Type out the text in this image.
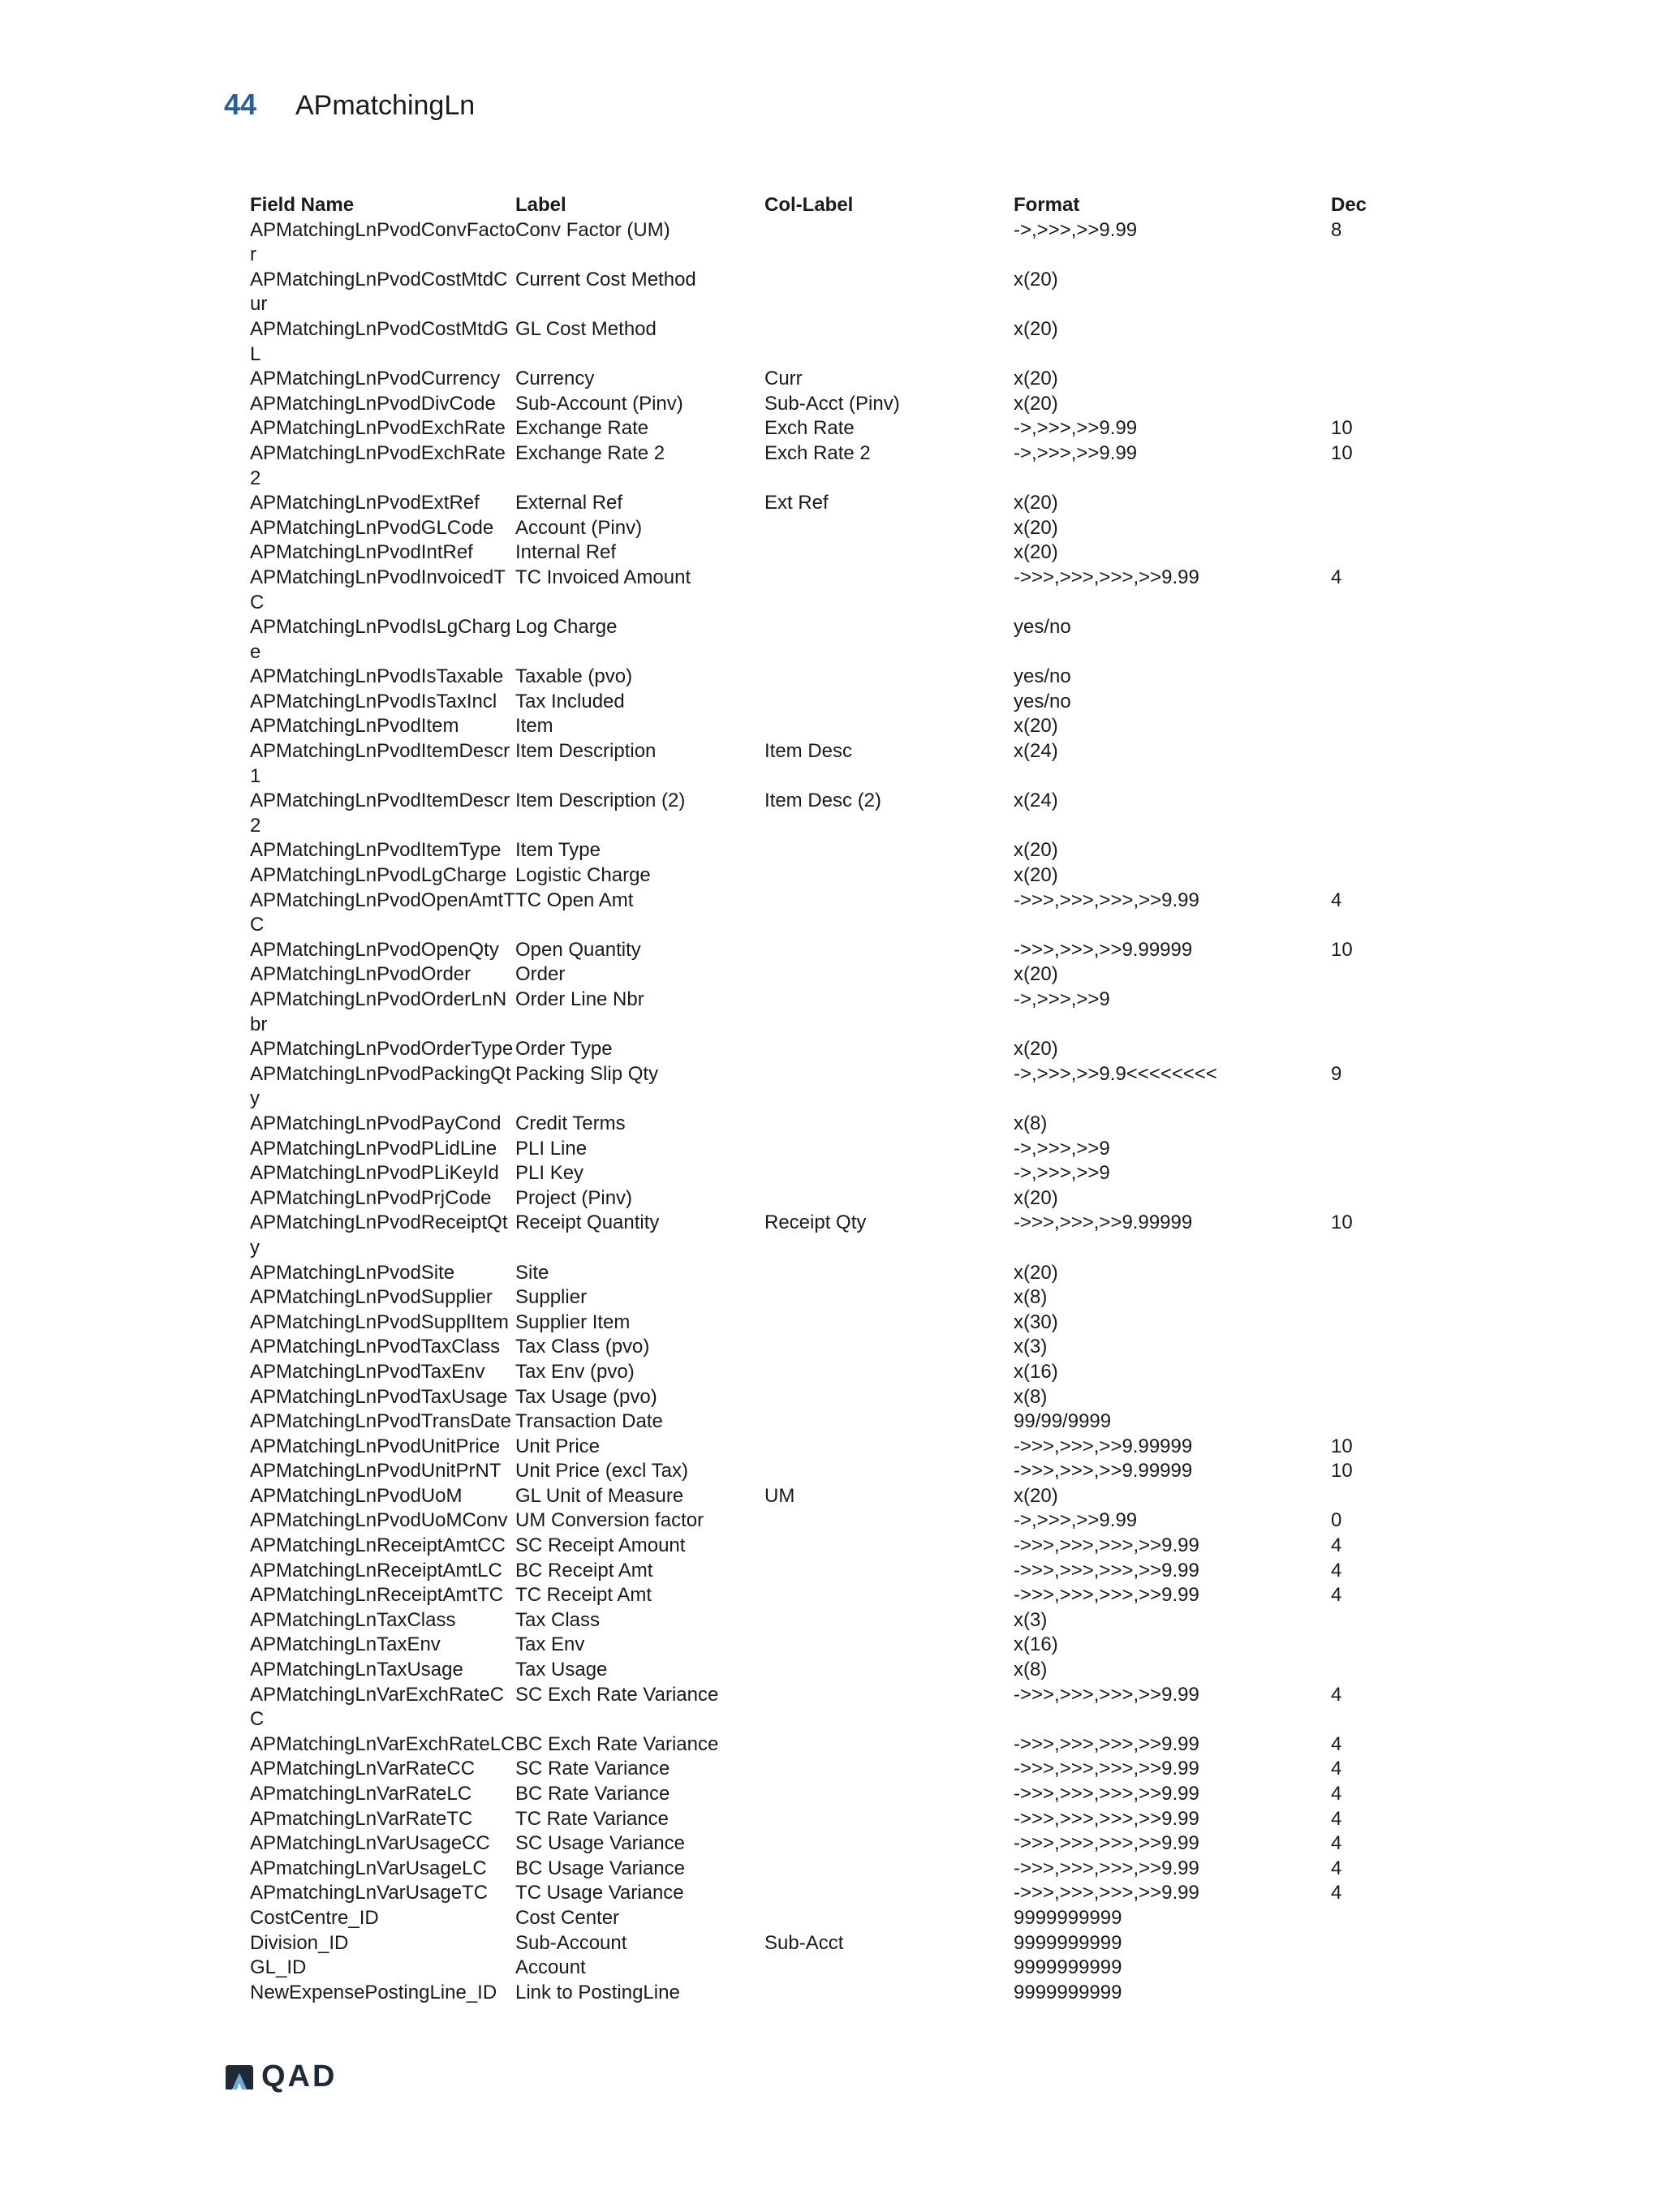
44	APmatchingLn
Field Name	Label	Col-Label	Format	Dec
APMatchingLnPvodConvFactor	Conv Factor (UM)		->,>>>,>>9.99	8
APMatchingLnPvodCostMtdCur	Current Cost Method		x(20)	
APMatchingLnPvodCostMtdGL	GL Cost Method		x(20)	
APMatchingLnPvodCurrency	Currency	Curr	x(20)	
APMatchingLnPvodDivCode	Sub-Account (Pinv)	Sub-Acct (Pinv)	x(20)	
APMatchingLnPvodExchRate	Exchange Rate	Exch Rate	->,>>>,>>9.99	10
APMatchingLnPvodExchRate2	Exchange Rate 2	Exch Rate 2	->,>>>,>>9.99	10
APMatchingLnPvodExtRef	External Ref	Ext Ref	x(20)	
APMatchingLnPvodGLCode	Account (Pinv)		x(20)	
APMatchingLnPvodIntRef	Internal Ref		x(20)	
APMatchingLnPvodInvoicedTC	TC Invoiced Amount		->>>,>>>,>>>,>>9.99	4
APMatchingLnPvodIsLgCharge	Log Charge		yes/no	
APMatchingLnPvodIsTaxable	Taxable (pvo)		yes/no	
APMatchingLnPvodIsTaxIncl	Tax Included		yes/no	
APMatchingLnPvodItem	Item		x(20)	
APMatchingLnPvodItemDescr1	Item Description	Item Desc	x(24)	
APMatchingLnPvodItemDescr2	Item Description (2)	Item Desc (2)	x(24)	
APMatchingLnPvodItemType	Item Type		x(20)	
APMatchingLnPvodLgCharge	Logistic Charge		x(20)	
APMatchingLnPvodOpenAmtTC	TC Open Amt		->>>,>>>,>>>,>>9.99	4
APMatchingLnPvodOpenQty	Open Quantity		->>>,>>>,>>9.99999	10
APMatchingLnPvodOrder	Order		x(20)	
APMatchingLnPvodOrderLnNbr	Order Line Nbr		->,>>>,>>9	
APMatchingLnPvodOrderType	Order Type		x(20)	
APMatchingLnPvodPackingQty	Packing Slip Qty		->,>>>,>>9.9<<<<<<<<	9
APMatchingLnPvodPayCond	Credit Terms		x(8)	
APMatchingLnPvodPLidLine	PLI Line		->,>>>,>>9	
APMatchingLnPvodPLiKeyId	PLI Key		->,>>>,>>9	
APMatchingLnPvodPrjCode	Project (Pinv)		x(20)	
APMatchingLnPvodReceiptQty	Receipt Quantity	Receipt Qty	->>>,>>>,>>9.99999	10
APMatchingLnPvodSite	Site		x(20)	
APMatchingLnPvodSupplier	Supplier		x(8)	
APMatchingLnPvodSupplItem	Supplier Item		x(30)	
APMatchingLnPvodTaxClass	Tax Class (pvo)		x(3)	
APMatchingLnPvodTaxEnv	Tax Env (pvo)		x(16)	
APMatchingLnPvodTaxUsage	Tax Usage (pvo)		x(8)	
APMatchingLnPvodTransDate	Transaction Date		99/99/9999	
APMatchingLnPvodUnitPrice	Unit Price		->>>,>>>,>>9.99999	10
APMatchingLnPvodUnitPrNT	Unit Price (excl Tax)		->>>,>>>,>>9.99999	10
APMatchingLnPvodUoM	GL Unit of Measure	UM	x(20)	
APMatchingLnPvodUoMConv	UM Conversion factor		->,>>>,>>9.99	0
APMatchingLnReceiptAmtCC	SC Receipt Amount		->>>,>>>,>>>,>>9.99	4
APMatchingLnReceiptAmtLC	BC Receipt Amt		->>>,>>>,>>>,>>9.99	4
APMatchingLnReceiptAmtTC	TC Receipt Amt		->>>,>>>,>>>,>>9.99	4
APMatchingLnTaxClass	Tax Class		x(3)	
APMatchingLnTaxEnv	Tax Env		x(16)	
APMatchingLnTaxUsage	Tax Usage		x(8)	
APMatchingLnVarExchRateCC	SC Exch Rate Variance		->>>,>>>,>>>,>>9.99	4
APMatchingLnVarExchRateLC	BC Exch Rate Variance		->>>,>>>,>>>,>>9.99	4
APMatchingLnVarRateCC	SC Rate Variance		->>>,>>>,>>>,>>9.99	4
APmatchingLnVarRateLC	BC Rate Variance		->>>,>>>,>>>,>>9.99	4
APmatchingLnVarRateTC	TC Rate Variance		->>>,>>>,>>>,>>9.99	4
APMatchingLnVarUsageCC	SC Usage Variance		->>>,>>>,>>>,>>9.99	4
APmatchingLnVarUsageLC	BC Usage Variance		->>>,>>>,>>>,>>9.99	4
APmatchingLnVarUsageTC	TC Usage Variance		->>>,>>>,>>>,>>9.99	4
CostCentre_ID	Cost Center		9999999999	
Division_ID	Sub-Account	Sub-Acct	9999999999	
GL_ID	Account		9999999999	
NewExpensePostingLine_ID	Link to PostingLine		9999999999	
QAD
